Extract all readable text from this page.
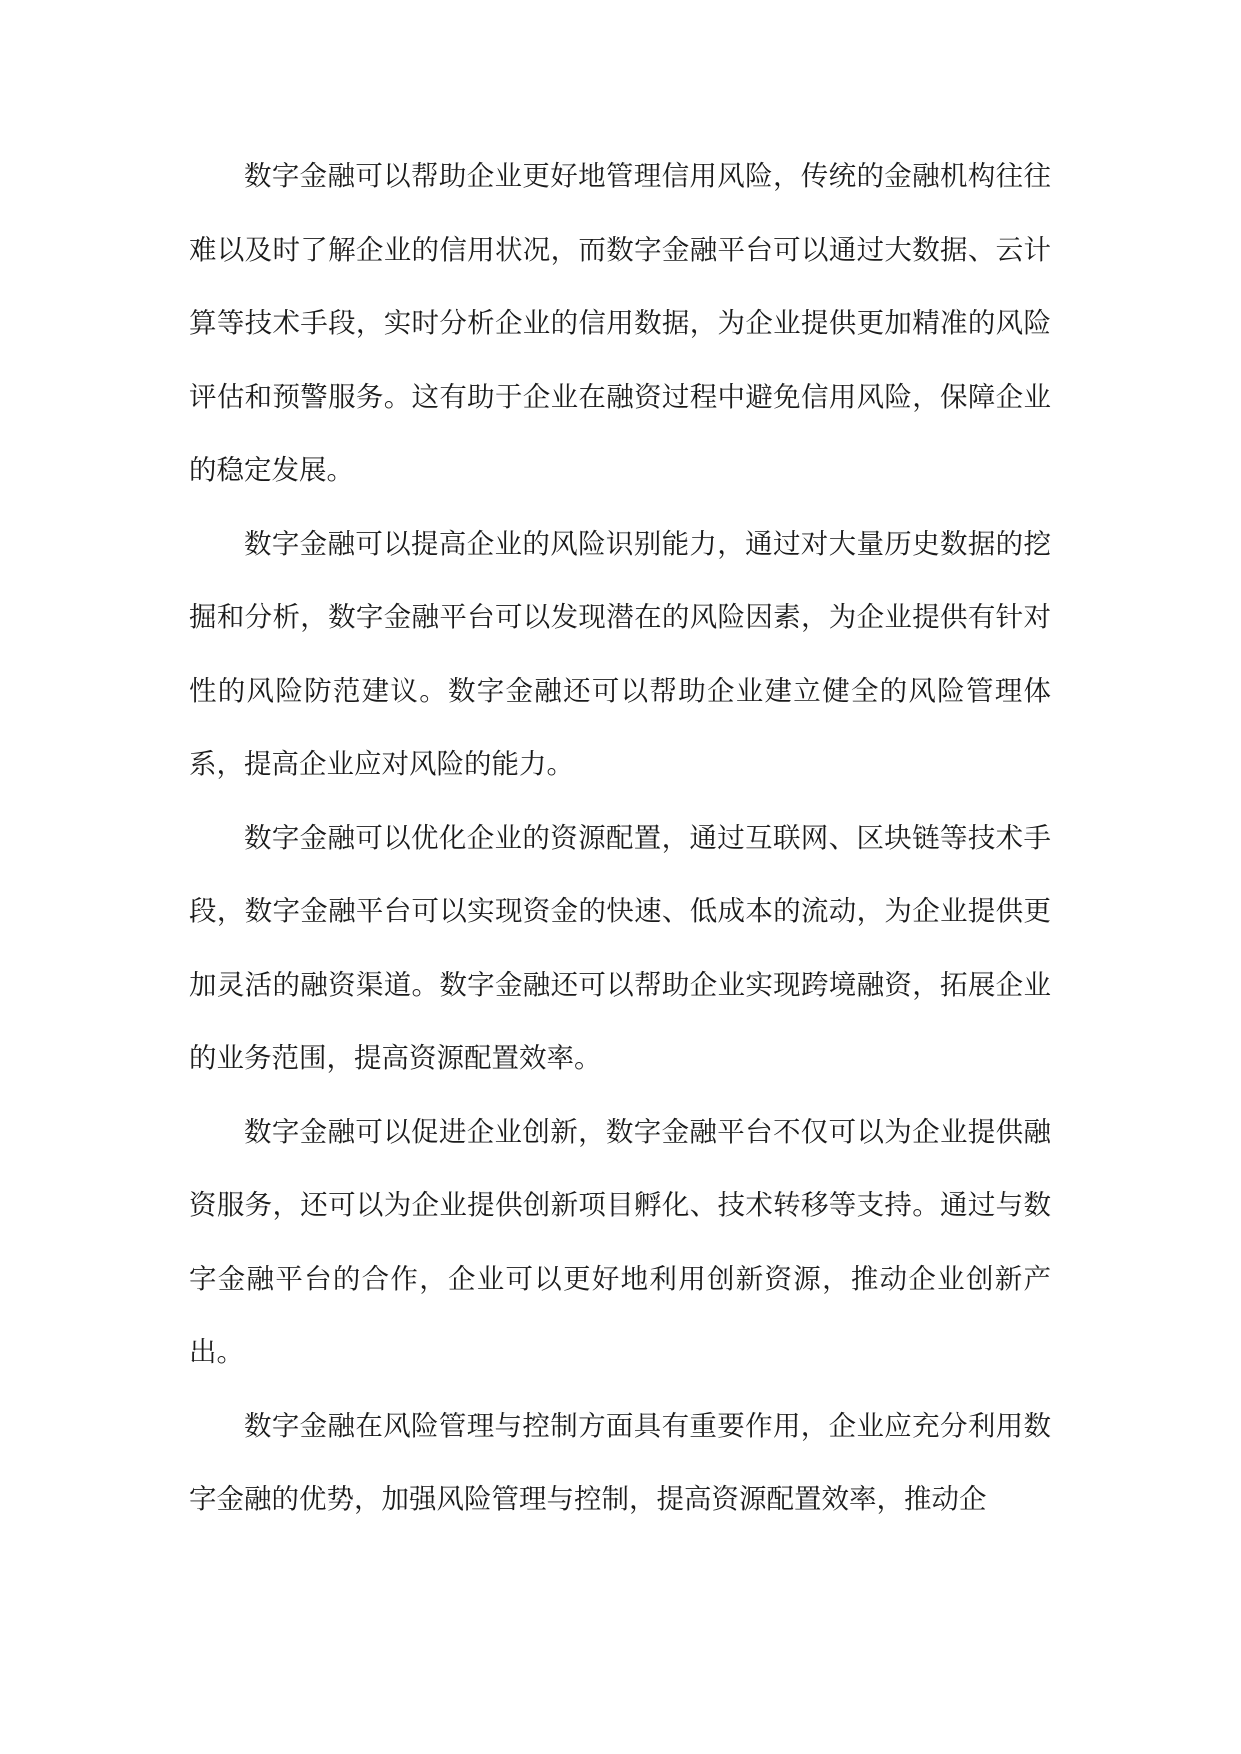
数字金融可以帮助企业更好地管理信用风险，传统的金融机构往往难以及时了解企业的信用状况，而数字金融平台可以通过大数据、云计算等技术手段，实时分析企业的信用数据，为企业提供更加精准的风险评估和预警服务。这有助于企业在融资过程中避免信用风险，保障企业的稳定发展。

数字金融可以提高企业的风险识别能力，通过对大量历史数据的挖掘和分析，数字金融平台可以发现潜在的风险因素，为企业提供有针对性的风险防范建议。数字金融还可以帮助企业建立健全的风险管理体系，提高企业应对风险的能力。

数字金融可以优化企业的资源配置，通过互联网、区块链等技术手段，数字金融平台可以实现资金的快速、低成本的流动，为企业提供更加灵活的融资渠道。数字金融还可以帮助企业实现跨境融资，拓展企业的业务范围，提高资源配置效率。

数字金融可以促进企业创新，数字金融平台不仅可以为企业提供融资服务，还可以为企业提供创新项目孵化、技术转移等支持。通过与数字金融平台的合作，企业可以更好地利用创新资源，推动企业创新产出。

数字金融在风险管理与控制方面具有重要作用，企业应充分利用数字金融的优势，加强风险管理与控制，提高资源配置效率，推动企
